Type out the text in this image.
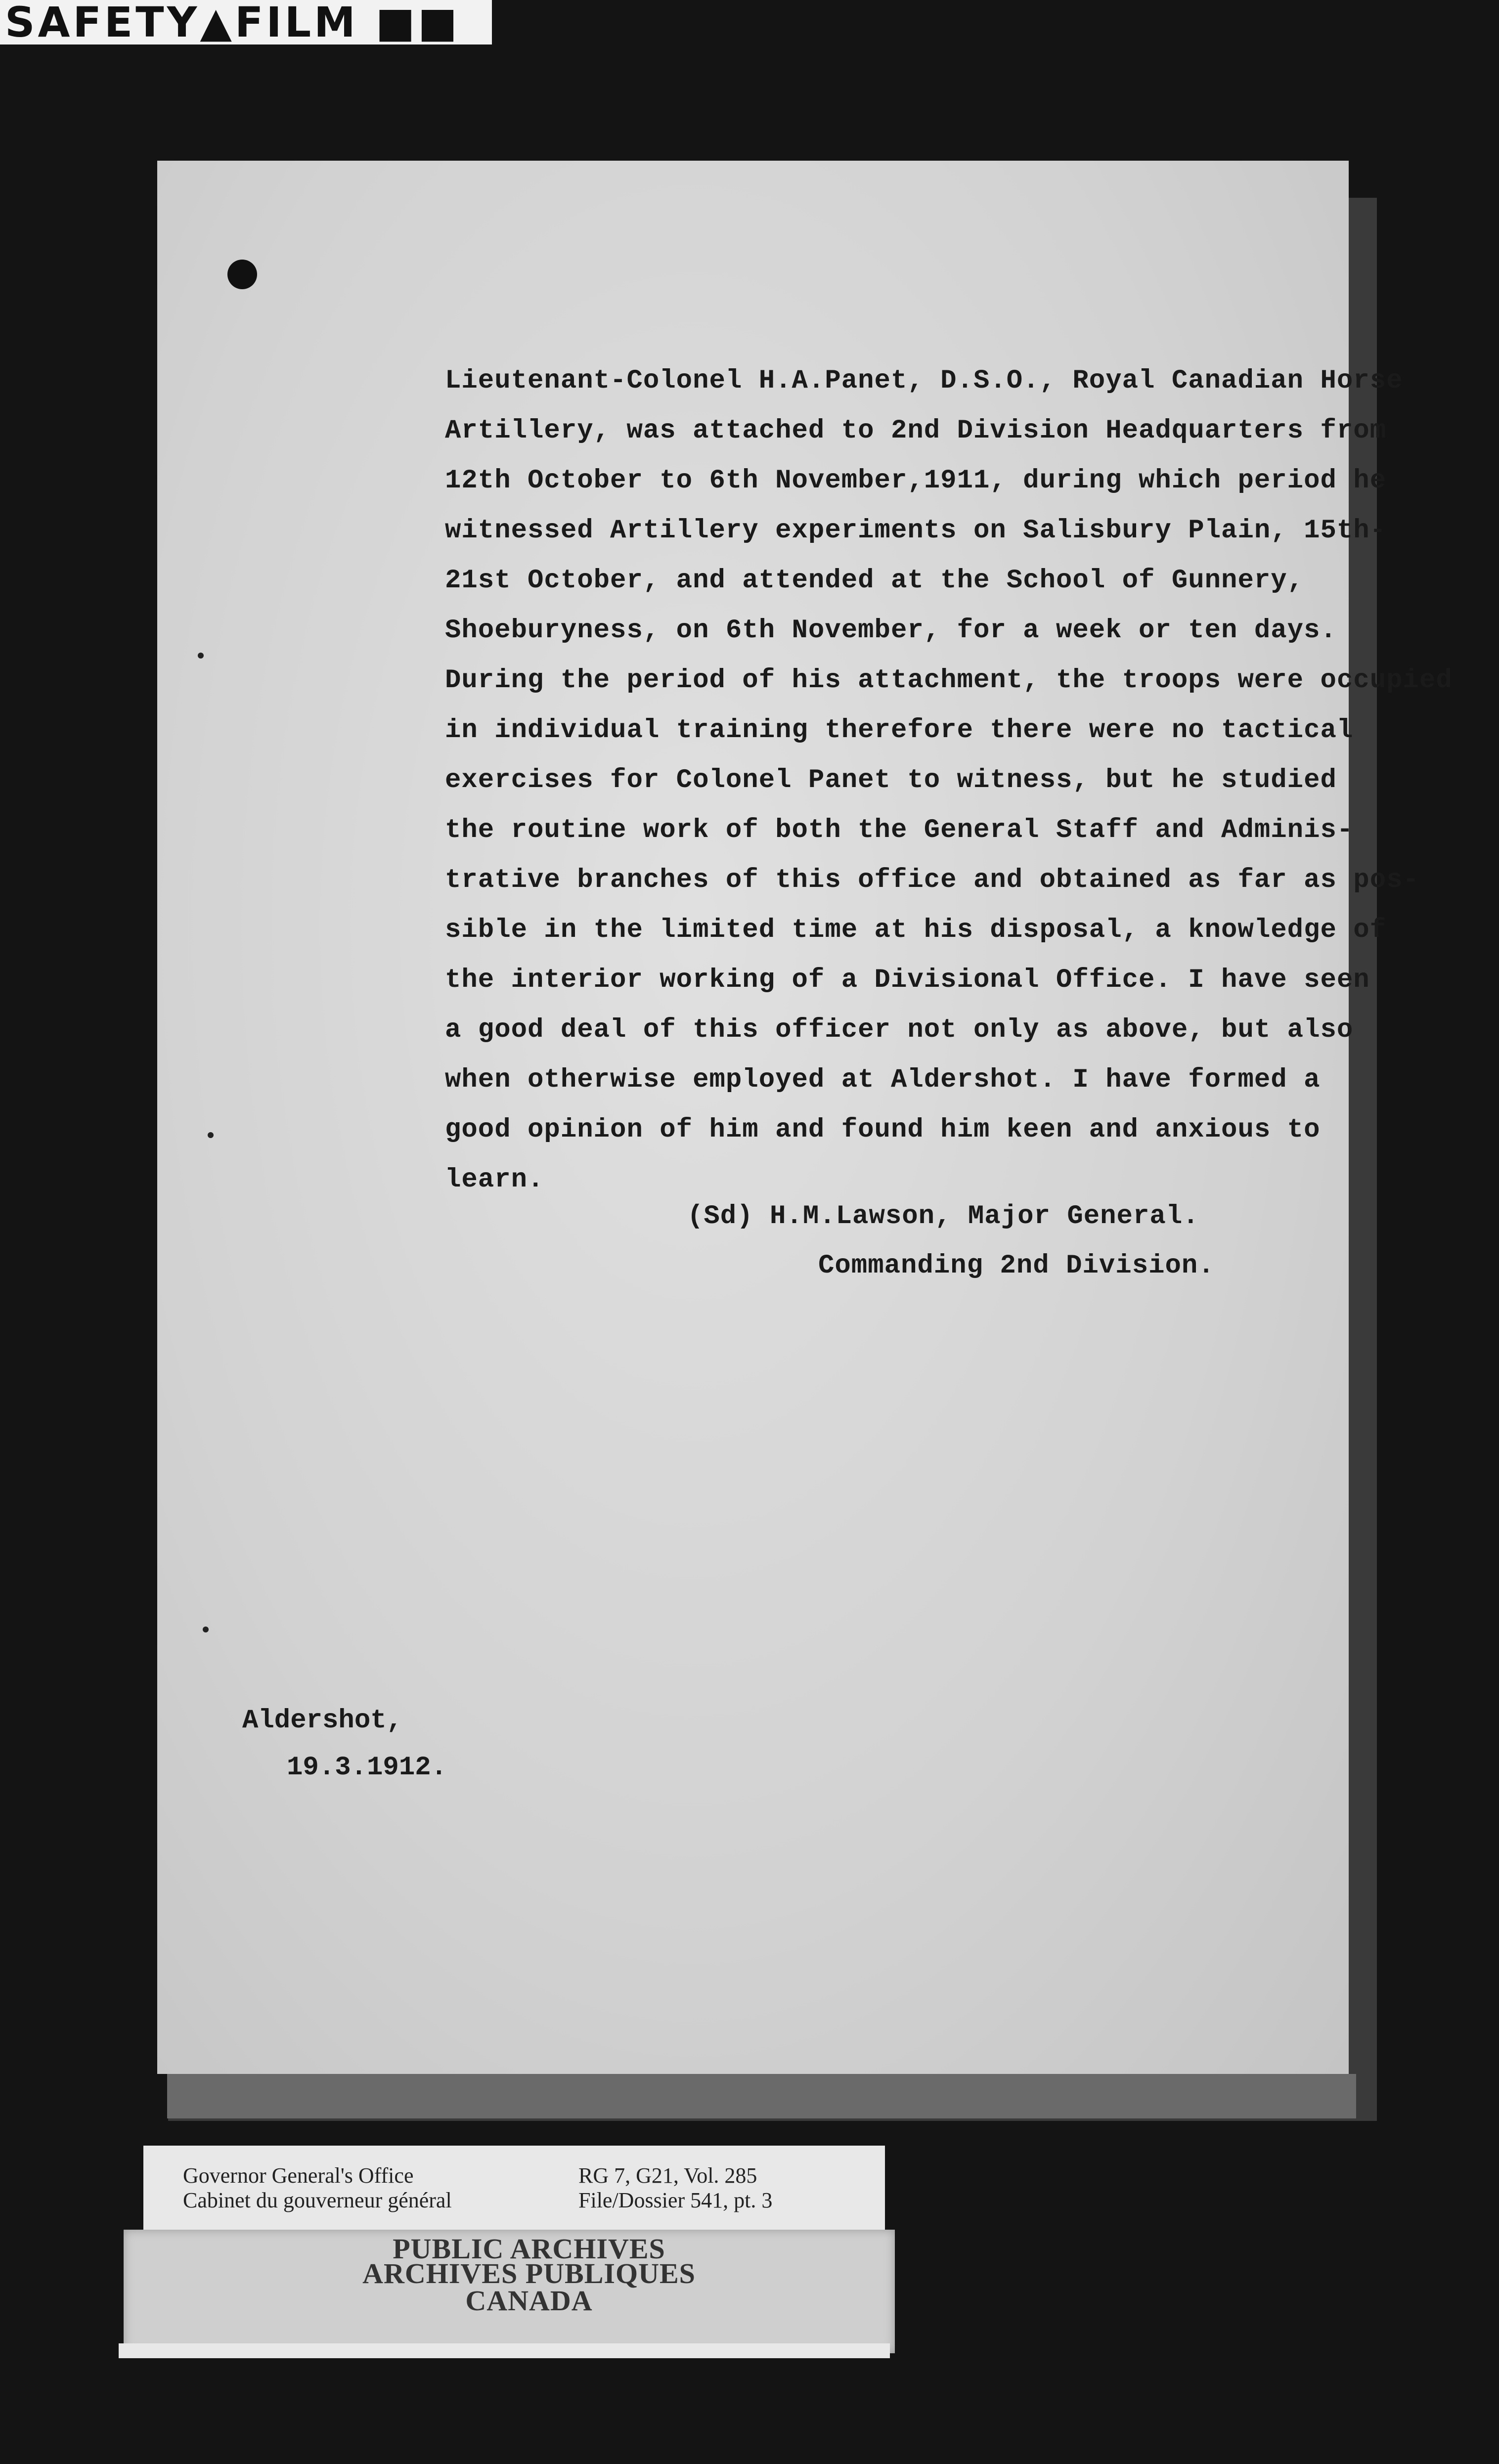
SAFETY▲FILM ■■
Lieutenant-Colonel H.A.Panet, D.S.O., Royal Canadian Horse
Artillery, was attached to 2nd Division Headquarters from
12th October to 6th November,1911, during which period he
witnessed Artillery experiments on Salisbury Plain, 15th-
21st October, and attended at the School of Gunnery,
Shoeburyness, on 6th November, for a week or ten days.
During the period of his attachment, the troops were occupied
in individual training therefore there were no tactical
exercises for Colonel Panet to witness, but he studied
the routine work of both the General Staff and Adminis-
trative branches of this office and obtained as far as pos-
sible in the limited time at his disposal, a knowledge of
the interior working of a Divisional Office. I have seen
a good deal of this officer not only as above, but also
when otherwise employed at Aldershot. I have formed a
good opinion of him and found him keen and anxious to
learn.
(Sd) H.M.Lawson, Major General.
Commanding 2nd Division.
Aldershot,
19.3.1912.
Governor General's Office
Cabinet du gouverneur général
RG 7, G21, Vol. 285
File/Dossier 541, pt. 3
PUBLIC ARCHIVES
ARCHIVES PUBLIQUES
CANADA
